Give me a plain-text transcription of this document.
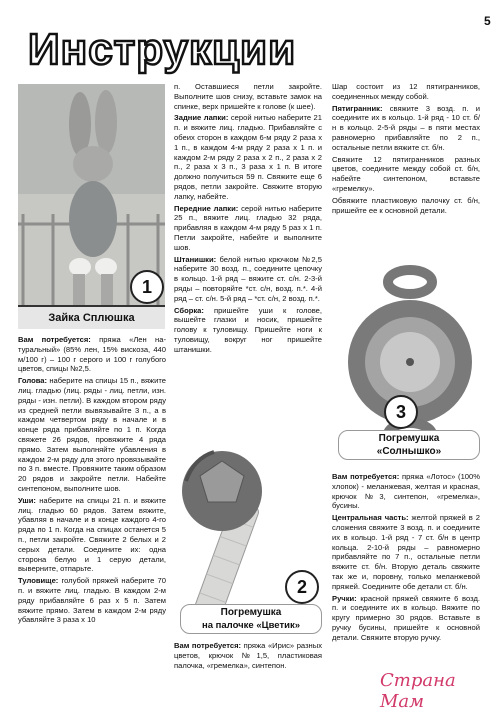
5
Инструкции
1
Зайка Сплюшка

Вам потребуется: пряжа «Лен на-туральный» (85% лен, 15% вискоза, 440 м/100 г) – 100 г серого и 100 г голубого цветов, спицы №2,5.

Голова: наберите на спицы 15 п., вяжите лиц. гладью (лиц. ряды - лиц. петли, изн. ряды - изн. петли). В каждом втором ряду из средней петли вывязывайте 3 п., а в каждом четвертом ряду в начале и в конце ряда прибавляйте по 1 п. Когда свяжете 26 рядов, провяжите 4 ряда прямо. Затем выполняйте убавления в каждом 2-м ряду для этого провязывайте по 3 п. вместе. Провяжите таким образом 20 рядов и закройте петли. Набейте синтепоном, выполните шов.

Уши: наберите на спицы 21 п. и вяжите лиц. гладью 60 рядов. Затем вяжите, убавляя в начале и в конце каждого 4-го ряда по 1 п. Когда на спицах останется 5 п., петли закройте. Свяжите 2 белых и 2 серых детали. Соедините их: одна сторона белую и 1 серую детали, выверните, отпарьте.

Туловище: голубой пряжей наберите 70 п. и вяжите лиц. гладью. В каждом 2-м ряду прибавляйте 6 раз х 5 п. Затем вяжите прямо. Затем в каждом 2-м ряду убавляйте 3 раза х 10

п. Оставшиеся петли закройте. Выполните шов снизу, вставьте замок на спинке, верх пришейте к голове (к шее).

Задние лапки: серой нитью наберите 21 п. и вяжите лиц. гладью. Прибавляйте с обеих сторон в каждом 6-м ряду 2 раза х 1 п., в каждом 4-м ряду 2 раза х 1 п. и каждом 2-м ряду 2 раза х 2 п., 2 раза х 2 п., 2 раза х 3 п., 3 раза х 1 п. В итоге должно получиться 59 п. Свяжите еще 6 рядов, петли закройте. Свяжите вторую лапку, набейте.

Передние лапки: серой нитью наберите 25 п., вяжите лиц. гладью 32 ряда, прибавляя в каждом 4-м ряду 5 раз х 1 п. Петли закройте, набейте и выполните шов.

Штанишки: белой нитью крючком №2,5 наберите 30 возд. п., соедините цепочку в кольцо. 1-й ряд – вяжите ст. с/н. 2-3-й ряды – повторяйте *ст. с/н, возд. п.*. 4-й ряд – ст. с/н. 5-й ряд – *ст. с/н, 2 возд. п.*.

Сборка: пришейте уши к голове, вышейте глазки и носик, пришейте голову к туловищу. Пришейте ноги к туловищу, вокруг ног пришейте штанишки.

2
Погремушка
на палочке «Цветик»

Вам потребуется: пряжа «Ирис» разных цветов, крючок №1,5, пластиковая палочка, «гремелка», синтепон.

Шар состоит из 12 пятигранников, соединенных между собой.

Пятигранник: свяжите 3 возд. п. и соедините их в кольцо. 1-й ряд - 10 ст. б/н в кольцо. 2-5-й ряды – в пяти местах равномерно прибавляйте по 2 п., остальные петли вяжите ст. б/н.

Свяжите 12 пятигранников разных цветов, соедините между собой ст. б/н, набейте синтепоном, вставьте «гремелку».

Обвяжите пластиковую палочку ст. б/н, пришейте ее к основной детали.

3
Погремушка
«Солнышко»

Вам потребуется: пряжа «Лотос» (100% хлопок) - меланжевая, желтая и красная, крючок №3, синтепон, «гремелка», бусины.

Центральная часть: желтой пряжей в 2 сложения свяжите 3 возд. п. и соедините их в кольцо. 1-й ряд - 7 ст. б/н в центр кольца. 2-10-й ряды – равномерно прибавляйте по 7 п., остальные петли вяжите ст. б/н. Вторую деталь свяжите так же и, поровну, только меланжевой пряжей. Соедините обе детали ст. б/н.

Ручки: красной пряжей свяжите 6 возд. п. и соедините их в кольцо. Вяжите по кругу примерно 30 рядов. Вставьте в ручку бусины, пришейте к основной детали. Свяжите вторую ручку.

Страна Мам
